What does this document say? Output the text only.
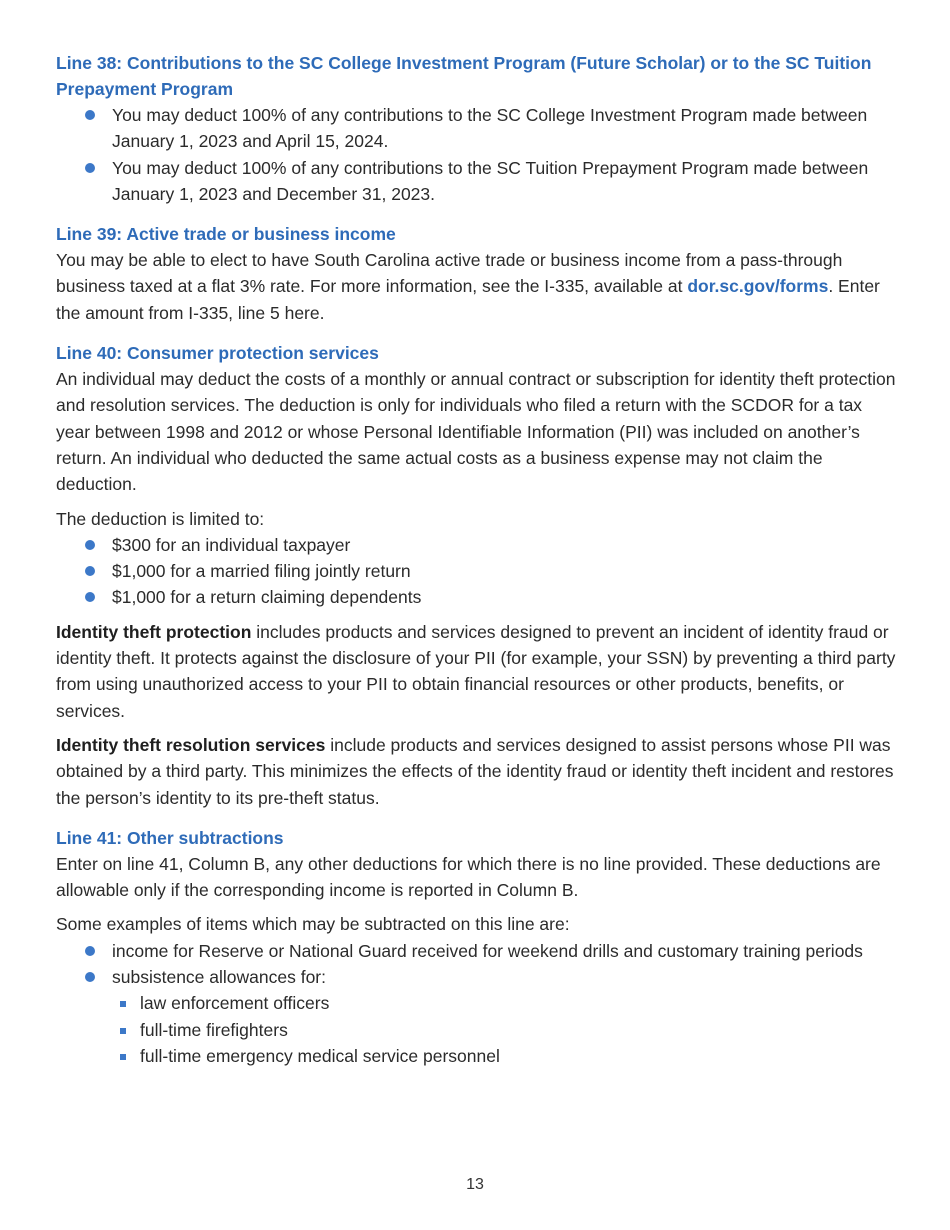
Line 38: Contributions to the SC College Investment Program (Future Scholar) or to the SC Tuition Prepayment Program

You may deduct 100% of any contributions to the SC College Investment Program made between January 1, 2023 and April 15, 2024.
You may deduct 100% of any contributions to the SC Tuition Prepayment Program made between January 1, 2023 and December 31, 2023.

Line 39: Active trade or business income

You may be able to elect to have South Carolina active trade or business income from a pass-through business taxed at a flat 3% rate. For more information, see the I-335, available at dor.sc.gov/forms. Enter the amount from I-335, line 5 here.

Line 40: Consumer protection services

An individual may deduct the costs of a monthly or annual contract or subscription for identity theft protection and resolution services. The deduction is only for individuals who filed a return with the SCDOR for a tax year between 1998 and 2012 or whose Personal Identifiable Information (PII) was included on another’s return. An individual who deducted the same actual costs as a business expense may not claim the deduction.

The deduction is limited to:

$300 for an individual taxpayer
$1,000 for a married filing jointly return
$1,000 for a return claiming dependents

Identity theft protection includes products and services designed to prevent an incident of identity fraud or identity theft. It protects against the disclosure of your PII (for example, your SSN) by preventing a third party from using unauthorized access to your PII to obtain financial resources or other products, benefits, or services.

Identity theft resolution services include products and services designed to assist persons whose PII was obtained by a third party. This minimizes the effects of the identity fraud or identity theft incident and restores the person’s identity to its pre-theft status.

Line 41: Other subtractions

Enter on line 41, Column B, any other deductions for which there is no line provided. These deductions are allowable only if the corresponding income is reported in Column B.

Some examples of items which may be subtracted on this line are:

income for Reserve or National Guard received for weekend drills and customary training periods
subsistence allowances for:
law enforcement officers
full-time firefighters
full-time emergency medical service personnel
13
